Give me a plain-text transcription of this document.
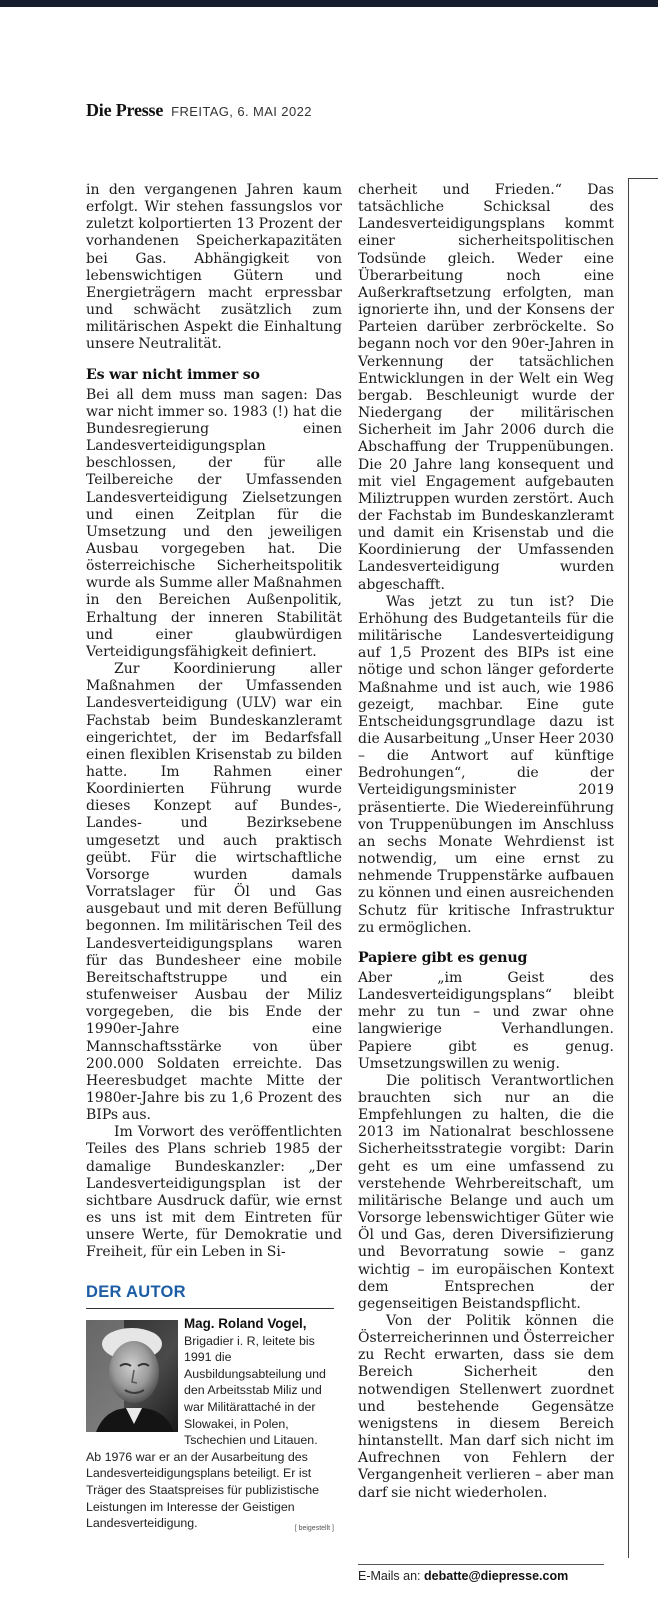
Die Presse FREITAG, 6. MAI 2022

in den vergangenen Jahren kaum erfolgt. Wir stehen fassungslos vor zuletzt kolportierten 13 Prozent der vorhandenen Speicherkapazitäten bei Gas. Abhängigkeit von lebenswichtigen Gütern und Energieträgern macht erpressbar und schwächt zusätzlich zum militärischen Aspekt die Einhaltung unsere Neutralität.

Es war nicht immer so

Bei all dem muss man sagen: Das war nicht immer so. 1983 (!) hat die Bundesregierung einen Landesverteidigungsplan beschlossen, der für alle Teilbereiche der Umfassenden Landesverteidigung Zielsetzungen und einen Zeitplan für die Umsetzung und den jeweiligen Ausbau vorgegeben hat. Die österreichische Sicherheitspolitik wurde als Summe aller Maßnahmen in den Bereichen Außenpolitik, Erhaltung der inneren Stabilität und einer glaubwürdigen Verteidigungsfähigkeit definiert.

Zur Koordinierung aller Maßnahmen der Umfassenden Landesverteidigung (ULV) war ein Fachstab beim Bundeskanzleramt eingerichtet, der im Bedarfsfall einen flexiblen Krisenstab zu bilden hatte. Im Rahmen einer Koordinierten Führung wurde dieses Konzept auf Bundes-, Landes- und Bezirksebene umgesetzt und auch praktisch geübt. Für die wirtschaftliche Vorsorge wurden damals Vorratslager für Öl und Gas ausgebaut und mit deren Befüllung begonnen. Im militärischen Teil des Landesverteidigungsplans waren für das Bundesheer eine mobile Bereitschaftstruppe und ein stufenweiser Ausbau der Miliz vorgegeben, die bis Ende der 1990er-Jahre eine Mannschaftsstärke von über 200.000 Soldaten erreichte. Das Heeresbudget machte Mitte der 1980er-Jahre bis zu 1,6 Prozent des BIPs aus.

Im Vorwort des veröffentlichten Teiles des Plans schrieb 1985 der damalige Bundeskanzler: „Der Landesverteidigungsplan ist der sichtbare Ausdruck dafür, wie ernst es uns ist mit dem Eintreten für unsere Werte, für Demokratie und Freiheit, für ein Leben in Si-

cherheit und Frieden.“ Das tatsächliche Schicksal des Landesverteidigungsplans kommt einer sicherheitspolitischen Todsünde gleich. Weder eine Überarbeitung noch eine Außerkraftsetzung erfolgten, man ignorierte ihn, und der Konsens der Parteien darüber zerbröckelte. So begann noch vor den 90er-Jahren in Verkennung der tatsächlichen Entwicklungen in der Welt ein Weg bergab. Beschleunigt wurde der Niedergang der militärischen Sicherheit im Jahr 2006 durch die Abschaffung der Truppenübungen. Die 20 Jahre lang konsequent und mit viel Engagement aufgebauten Miliztruppen wurden zerstört. Auch der Fachstab im Bundeskanzleramt und damit ein Krisenstab und die Koordinierung der Umfassenden Landesverteidigung wurden abgeschafft.

Was jetzt zu tun ist? Die Erhöhung des Budgetanteils für die militärische Landesverteidigung auf 1,5 Prozent des BIPs ist eine nötige und schon länger geforderte Maßnahme und ist auch, wie 1986 gezeigt, machbar. Eine gute Entscheidungsgrundlage dazu ist die Ausarbeitung „Unser Heer 2030 – die Antwort auf künftige Bedrohungen“, die der Verteidigungsminister 2019 präsentierte. Die Wiedereinführung von Truppenübungen im Anschluss an sechs Monate Wehrdienst ist notwendig, um eine ernst zu nehmende Truppenstärke aufbauen zu können und einen ausreichenden Schutz für kritische Infrastruktur zu ermöglichen.

Papiere gibt es genug

Aber „im Geist des Landesverteidigungsplans“ bleibt mehr zu tun – und zwar ohne langwierige Verhandlungen. Papiere gibt es genug. Umsetzungswillen zu wenig.

Die politisch Verantwortlichen brauchten sich nur an die Empfehlungen zu halten, die die 2013 im Nationalrat beschlossene Sicherheitsstrategie vorgibt: Darin geht es um eine umfassend zu verstehende Wehrbereitschaft, um militärische Belange und auch um Vorsorge lebenswichtiger Güter wie Öl und Gas, deren Diversifizierung und Bevorratung sowie – ganz wichtig – im europäischen Kontext dem Entsprechen der gegenseitigen Beistandspflicht.

Von der Politik können die Österreicherinnen und Österreicher zu Recht erwarten, dass sie dem Bereich Sicherheit den notwendigen Stellenwert zuordnet und bestehende Gegensätze wenigstens in diesem Bereich hintanstellt. Man darf sich nicht im Aufrechnen von Fehlern der Vergangenheit verlieren – aber man darf sie nicht wiederholen.

DER AUTOR
Mag. Roland Vogel, Brigadier i. R, leitete bis 1991 die Ausbildungsabteilung und den Arbeitsstab Miliz und war Militärattaché in der Slowakei, in Polen, Tschechien und Litauen. Ab 1976 war er an der Ausarbeitung des Landesverteidigungsplans beteiligt. Er ist Träger des Staatspreises für publizistische Leistungen im Interesse der Geistigen Landesverteidigung.	[ beigestellt ]
E-Mails an: debatte@diepresse.com
